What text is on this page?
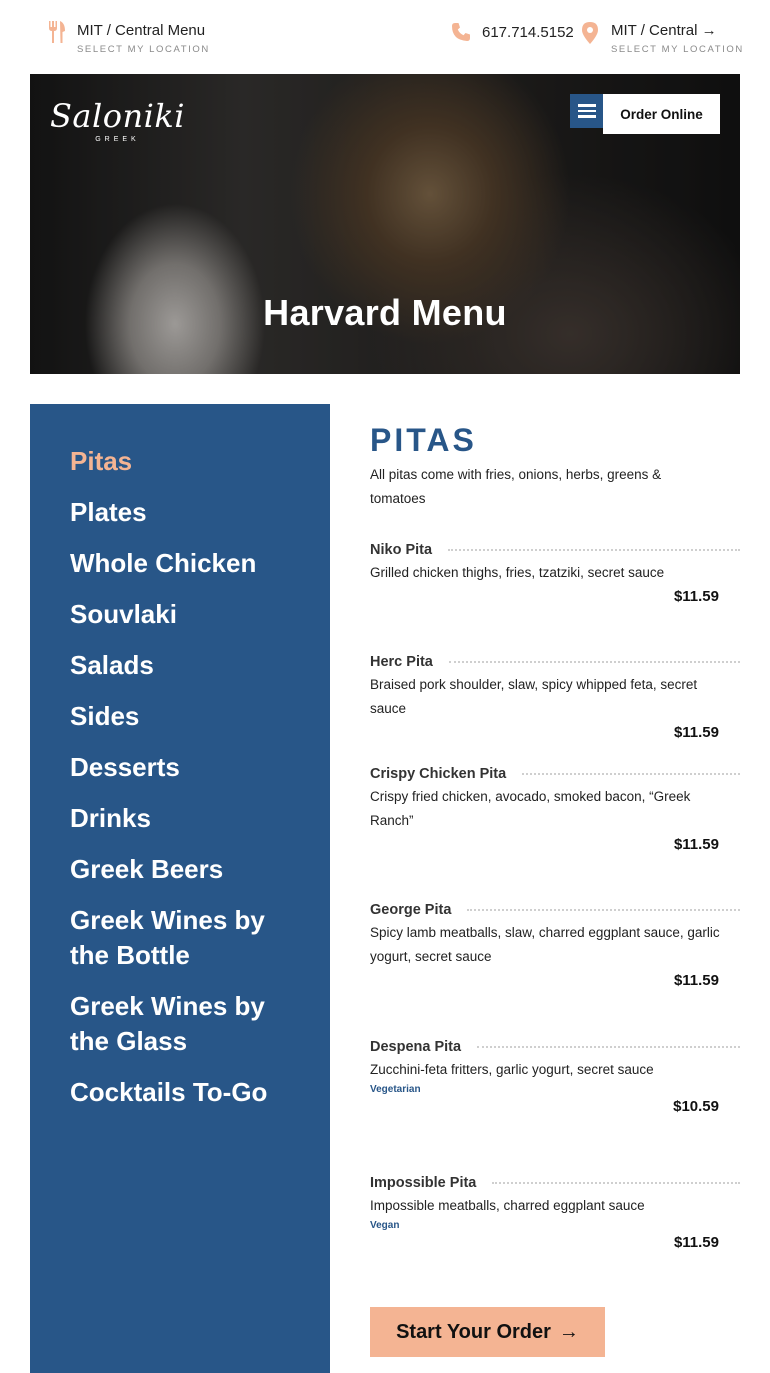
MIT / Central Menu
SELECT MY LOCATION
617.714.5152 MIT / Central →
SELECT MY LOCATION
Saloniki
GREEK
Order Online
Harvard Menu
Pitas
Plates
Whole Chicken
Souvlaki
Salads
Sides
Desserts
Drinks
Greek Beers
Greek Wines by the Bottle
Greek Wines by the Glass
Cocktails To-Go
PITAS
All pitas come with fries, onions, herbs, greens & tomatoes
Niko Pita
Grilled chicken thighs, fries, tzatziki, secret sauce
$11.59
Herc Pita
Braised pork shoulder, slaw, spicy whipped feta, secret sauce
$11.59
Crispy Chicken Pita
Crispy fried chicken, avocado, smoked bacon, “Greek Ranch”
$11.59
George Pita
Spicy lamb meatballs, slaw, charred eggplant sauce, garlic yogurt, secret sauce
$11.59
Despena Pita
Zucchini-feta fritters, garlic yogurt, secret sauce
Vegetarian
$10.59
Impossible Pita
Impossible meatballs, charred eggplant sauce
Vegan
$11.59
Start Your Order →
